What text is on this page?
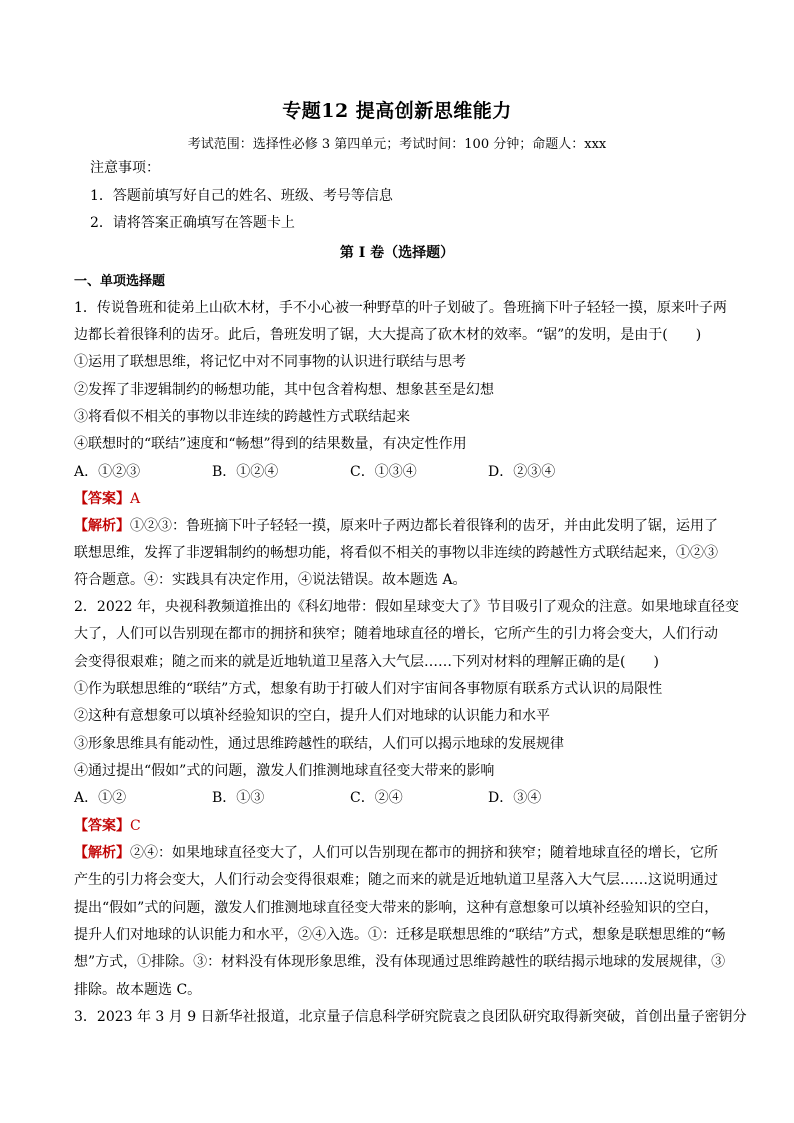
专题12 提高创新思维能力
考试范围：选择性必修 3 第四单元；考试时间：100 分钟；命题人：xxx
注意事项：
1．答题前填写好自己的姓名、班级、考号等信息
2．请将答案正确填写在答题卡上
第 I 卷（选择题）
一、单项选择题
1．传说鲁班和徒弟上山砍木材，手不小心被一种野草的叶子划破了。鲁班摘下叶子轻轻一摸，原来叶子两
边都长着很锋利的齿牙。此后，鲁班发明了锯，大大提高了砍木材的效率。“锯”的发明，是由于(　　)
①运用了联想思维，将记忆中对不同事物的认识进行联结与思考
②发挥了非逻辑制约的畅想功能，其中包含着构想、想象甚至是幻想
③将看似不相关的事物以非连续的跨越性方式联结起来
④联想时的“联结”速度和“畅想”得到的结果数量，有决定性作用
A．①②③	B．①②④	C．①③④	D．②③④
【答案】A
【解析】①②③：鲁班摘下叶子轻轻一摸，原来叶子两边都长着很锋利的齿牙，并由此发明了锯，运用了
联想思维，发挥了非逻辑制约的畅想功能，将看似不相关的事物以非连续的跨越性方式联结起来，①②③
符合题意。④：实践具有决定作用，④说法错误。故本题选 A。
2．2022 年，央视科教频道推出的《科幻地带：假如星球变大了》节目吸引了观众的注意。如果地球直径变
大了，人们可以告别现在都市的拥挤和狭窄；随着地球直径的增长，它所产生的引力将会变大，人们行动
会变得很艰难；随之而来的就是近地轨道卫星落入大气层……下列对材料的理解正确的是(　　)
①作为联想思维的“联结”方式，想象有助于打破人们对宇宙间各事物原有联系方式认识的局限性
②这种有意想象可以填补经验知识的空白，提升人们对地球的认识能力和水平
③形象思维具有能动性，通过思维跨越性的联结，人们可以揭示地球的发展规律
④通过提出“假如”式的问题，激发人们推测地球直径变大带来的影响
A．①②	B．①③	C．②④	D．③④
【答案】C
【解析】②④：如果地球直径变大了，人们可以告别现在都市的拥挤和狭窄；随着地球直径的增长，它所
产生的引力将会变大，人们行动会变得很艰难；随之而来的就是近地轨道卫星落入大气层……这说明通过
提出“假如”式的问题，激发人们推测地球直径变大带来的影响，这种有意想象可以填补经验知识的空白，
提升人们对地球的认识能力和水平，②④入选。①：迁移是联想思维的“联结”方式，想象是联想思维的“畅
想”方式，①排除。③：材料没有体现形象思维，没有体现通过思维跨越性的联结揭示地球的发展规律，③
排除。故本题选 C。
3．2023 年 3 月 9 日新华社报道，北京量子信息科学研究院袁之良团队研究取得新突破，首创出量子密钥分
